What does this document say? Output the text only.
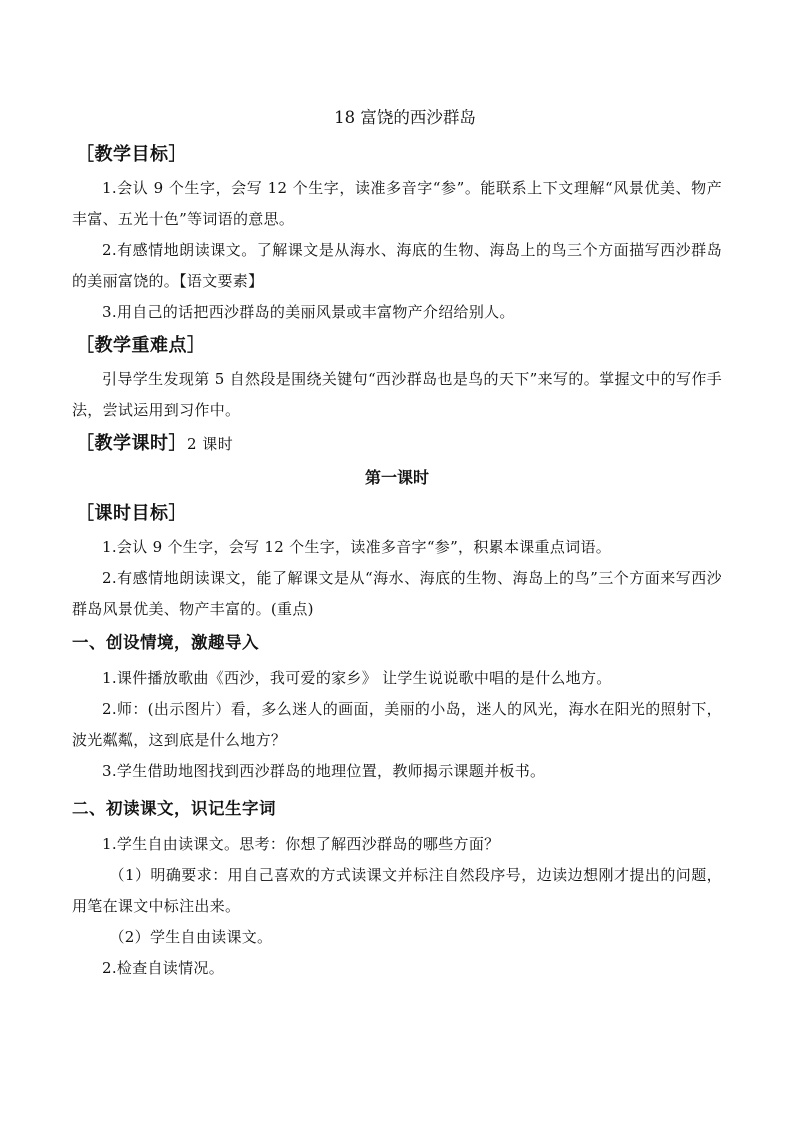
18 富饶的西沙群岛
［教学目标］

1.会认 9 个生字，会写 12 个生字，读准多音字“参”。能联系上下文理解“风景优美、物产丰富、五光十色”等词语的意思。

2.有感情地朗读课文。了解课文是从海水、海底的生物、海岛上的鸟三个方面描写西沙群岛的美丽富饶的。【语文要素】

3.用自己的话把西沙群岛的美丽风景或丰富物产介绍给别人。

［教学重难点］

引导学生发现第 5 自然段是围绕关键句“西沙群岛也是鸟的天下”来写的。掌握文中的写作手法，尝试运用到习作中。

［教学课时］2 课时
第一课时
［课时目标］

1.会认 9 个生字，会写 12 个生字，读准多音字“参”，积累本课重点词语。

2.有感情地朗读课文，能了解课文是从“海水、海底的生物、海岛上的鸟”三个方面来写西沙群岛风景优美、物产丰富的。(重点)

一、创设情境，激趣导入

1.课件播放歌曲《西沙，我可爱的家乡》 让学生说说歌中唱的是什么地方。

2.师：(出示图片）看，多么迷人的画面，美丽的小岛，迷人的风光，海水在阳光的照射下，波光粼粼，这到底是什么地方？

3.学生借助地图找到西沙群岛的地理位置，教师揭示课题并板书。

二、初读课文，识记生字词

1.学生自由读课文。思考：你想了解西沙群岛的哪些方面？

（1）明确要求：用自己喜欢的方式读课文并标注自然段序号，边读边想刚才提出的问题，用笔在课文中标注出来。

（2）学生自由读课文。

2.检查自读情况。
